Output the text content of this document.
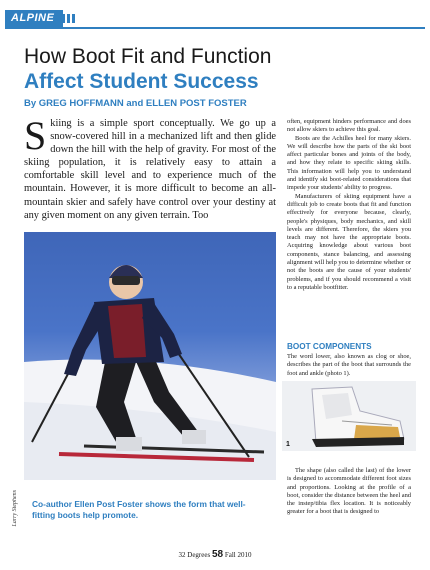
ALPINE
How Boot Fit and Function
Affect Student Success
By GREG HOFFMANN and ELLEN POST FOSTER
Skiing is a simple sport conceptually. We go up a snow-covered hill in a mechanized lift and then glide down the hill with the help of gravity. For most of the skiing population, it is relatively easy to attain a comfortable skill level and to experience much of the mountain. However, it is more difficult to become an all-mountain skier and safely have control over your destiny at any given moment on any given terrain. Too
Larry Stephens Co-author Ellen Post Foster shows the form that well-fitting boots help promote.

often, equipment hinders performance and does not allow skiers to achieve this goal.

Boots are the Achilles heel for many skiers. We will describe how the parts of the ski boot affect particular bones and joints of the body, and how they relate to specific skiing skills. This information will help you to understand and identify ski boot-related considerations that impede your students' ability to progress.

Manufacturers of skiing equipment have a difficult job to create boots that fit and function effectively for everyone because, clearly, people's physiques, body mechanics, and skill levels are different. Therefore, the skiers you teach may not have the appropriate boots. Acquiring knowledge about various boot components, stance balancing, and assessing alignment will help you to determine whether or not the boots are the cause of your students' problems, and if you should recommend a visit to a reputable bootfitter.

BOOT COMPONENTS
The word lower, also known as clog or shoe, describes the part of the boot that surrounds the foot and ankle (photo 1).
1

The shape (also called the last) of the lower is designed to accommodate different foot sizes and proportions. Looking at the profile of a boot, consider the distance between the heel and the instep/tibia flex location. It is noticeably greater for a boot that is designed to

32 Degrees 58 Fall 2010
